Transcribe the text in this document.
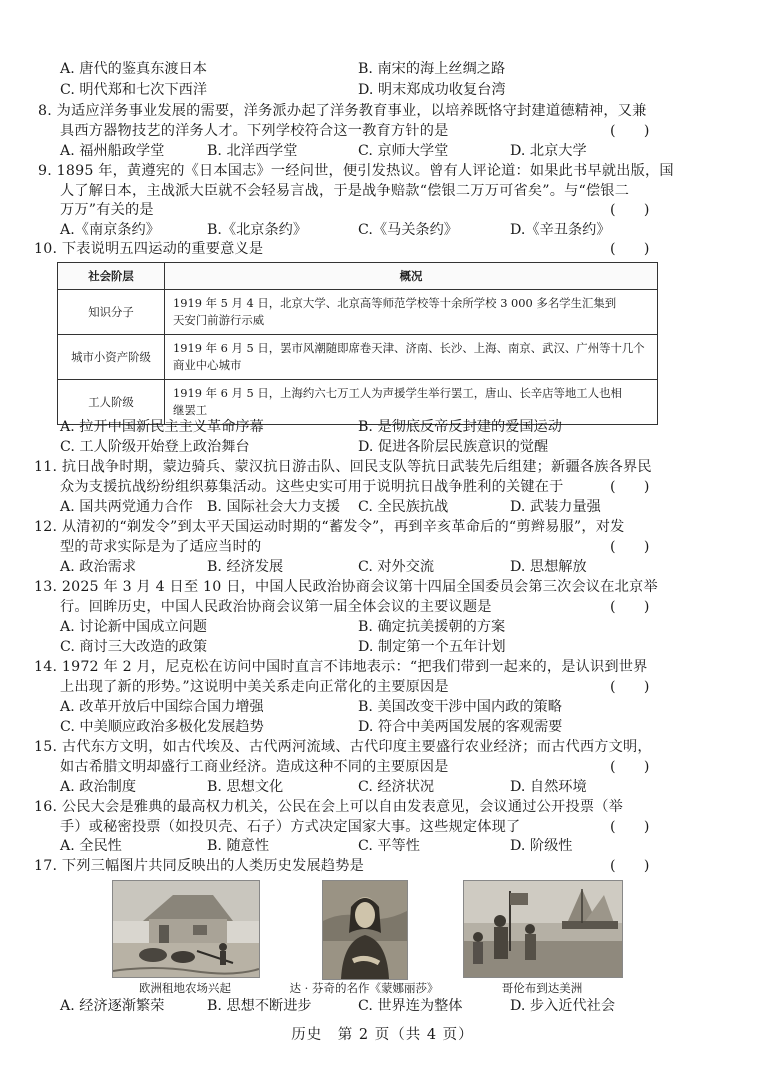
A. 唐代的鉴真东渡日本	B. 南宋的海上丝绸之路
C. 明代郑和七次下西洋	D. 明末郑成功收复台湾
8. 为适应洋务事业发展的需要，洋务派办起了洋务教育事业，以培养既恪守封建道德精神，又兼
具西方器物技艺的洋务人才。下列学校符合这一教育方针的是	(　　)
A. 福州船政学堂	B. 北洋西学堂	C. 京师大学堂	D. 北京大学
9. 1895 年，黄遵宪的《日本国志》一经问世，便引发热议。曾有人评论道：如果此书早就出版，国
人了解日本，主战派大臣就不会轻易言战，于是战争赔款“偿银二万万可省矣”。与“偿银二
万万”有关的是	(　　)
A.《南京条约》	B.《北京条约》	C.《马关条约》	D.《辛丑条约》
10. 下表说明五四运动的重要意义是	(　　)
社会阶层	概况
知识分子	1919 年 5 月 4 日，北京大学、北京高等师范学校等十余所学校 3 000 多名学生汇集到
天安门前游行示威

城市小资产阶级	1919 年 6 月 5 日，罢市风潮随即席卷天津、济南、长沙、上海、南京、武汉、广州等十几个
商业中心城市

工人阶级	1919 年 6 月 5 日，上海约六七万工人为声援学生举行罢工，唐山、长辛店等地工人也相
继罢工
A. 拉开中国新民主主义革命序幕	B. 是彻底反帝反封建的爱国运动
C. 工人阶级开始登上政治舞台	D. 促进各阶层民族意识的觉醒
11. 抗日战争时期，蒙边骑兵、蒙汉抗日游击队、回民支队等抗日武装先后组建；新疆各族各界民
众为支援抗战纷纷组织募集活动。这些史实可用于说明抗日战争胜利的关键在于	(　　)
A. 国共两党通力合作 B. 国际社会大力支援 C. 全民族抗战	D. 武装力量强
12. 从清初的“剃发令”到太平天国运动时期的“蓄发令”，再到辛亥革命后的“剪辫易服”，对发
型的苛求实际是为了适应当时的	(　　)
A. 政治需求	B. 经济发展	C. 对外交流	D. 思想解放
13. 2025 年 3 月 4 日至 10 日，中国人民政治协商会议第十四届全国委员会第三次会议在北京举
行。回眸历史，中国人民政治协商会议第一届全体会议的主要议题是	(　　)
A. 讨论新中国成立问题	B. 确定抗美援朝的方案
C. 商讨三大改造的政策	D. 制定第一个五年计划
14. 1972 年 2 月，尼克松在访问中国时直言不讳地表示：“把我们带到一起来的，是认识到世界
上出现了新的形势。”这说明中美关系走向正常化的主要原因是	(　　)
A. 改革开放后中国综合国力增强	B. 美国改变干涉中国内政的策略
C. 中美顺应政治多极化发展趋势	D. 符合中美两国发展的客观需要
15. 古代东方文明，如古代埃及、古代两河流域、古代印度主要盛行农业经济；而古代西方文明，
如古希腊文明却盛行工商业经济。造成这种不同的主要原因是	(　　)
A. 政治制度	B. 思想文化	C. 经济状况	D. 自然环境
16. 公民大会是雅典的最高权力机关，公民在会上可以自由发表意见，会议通过公开投票（举
手）或秘密投票（如投贝壳、石子）方式决定国家大事。这些规定体现了	(　　)
A. 全民性	B. 随意性	C. 平等性	D. 阶级性
17. 下列三幅图片共同反映出的人类历史发展趋势是	(　　)
欧洲租地农场兴起	达 · 芬奇的名作《蒙娜丽莎》	哥伦布到达美洲
A. 经济逐渐繁荣	B. 思想不断进步	C. 世界连为整体	D. 步入近代社会
历史　第 2 页（共 4 页）
